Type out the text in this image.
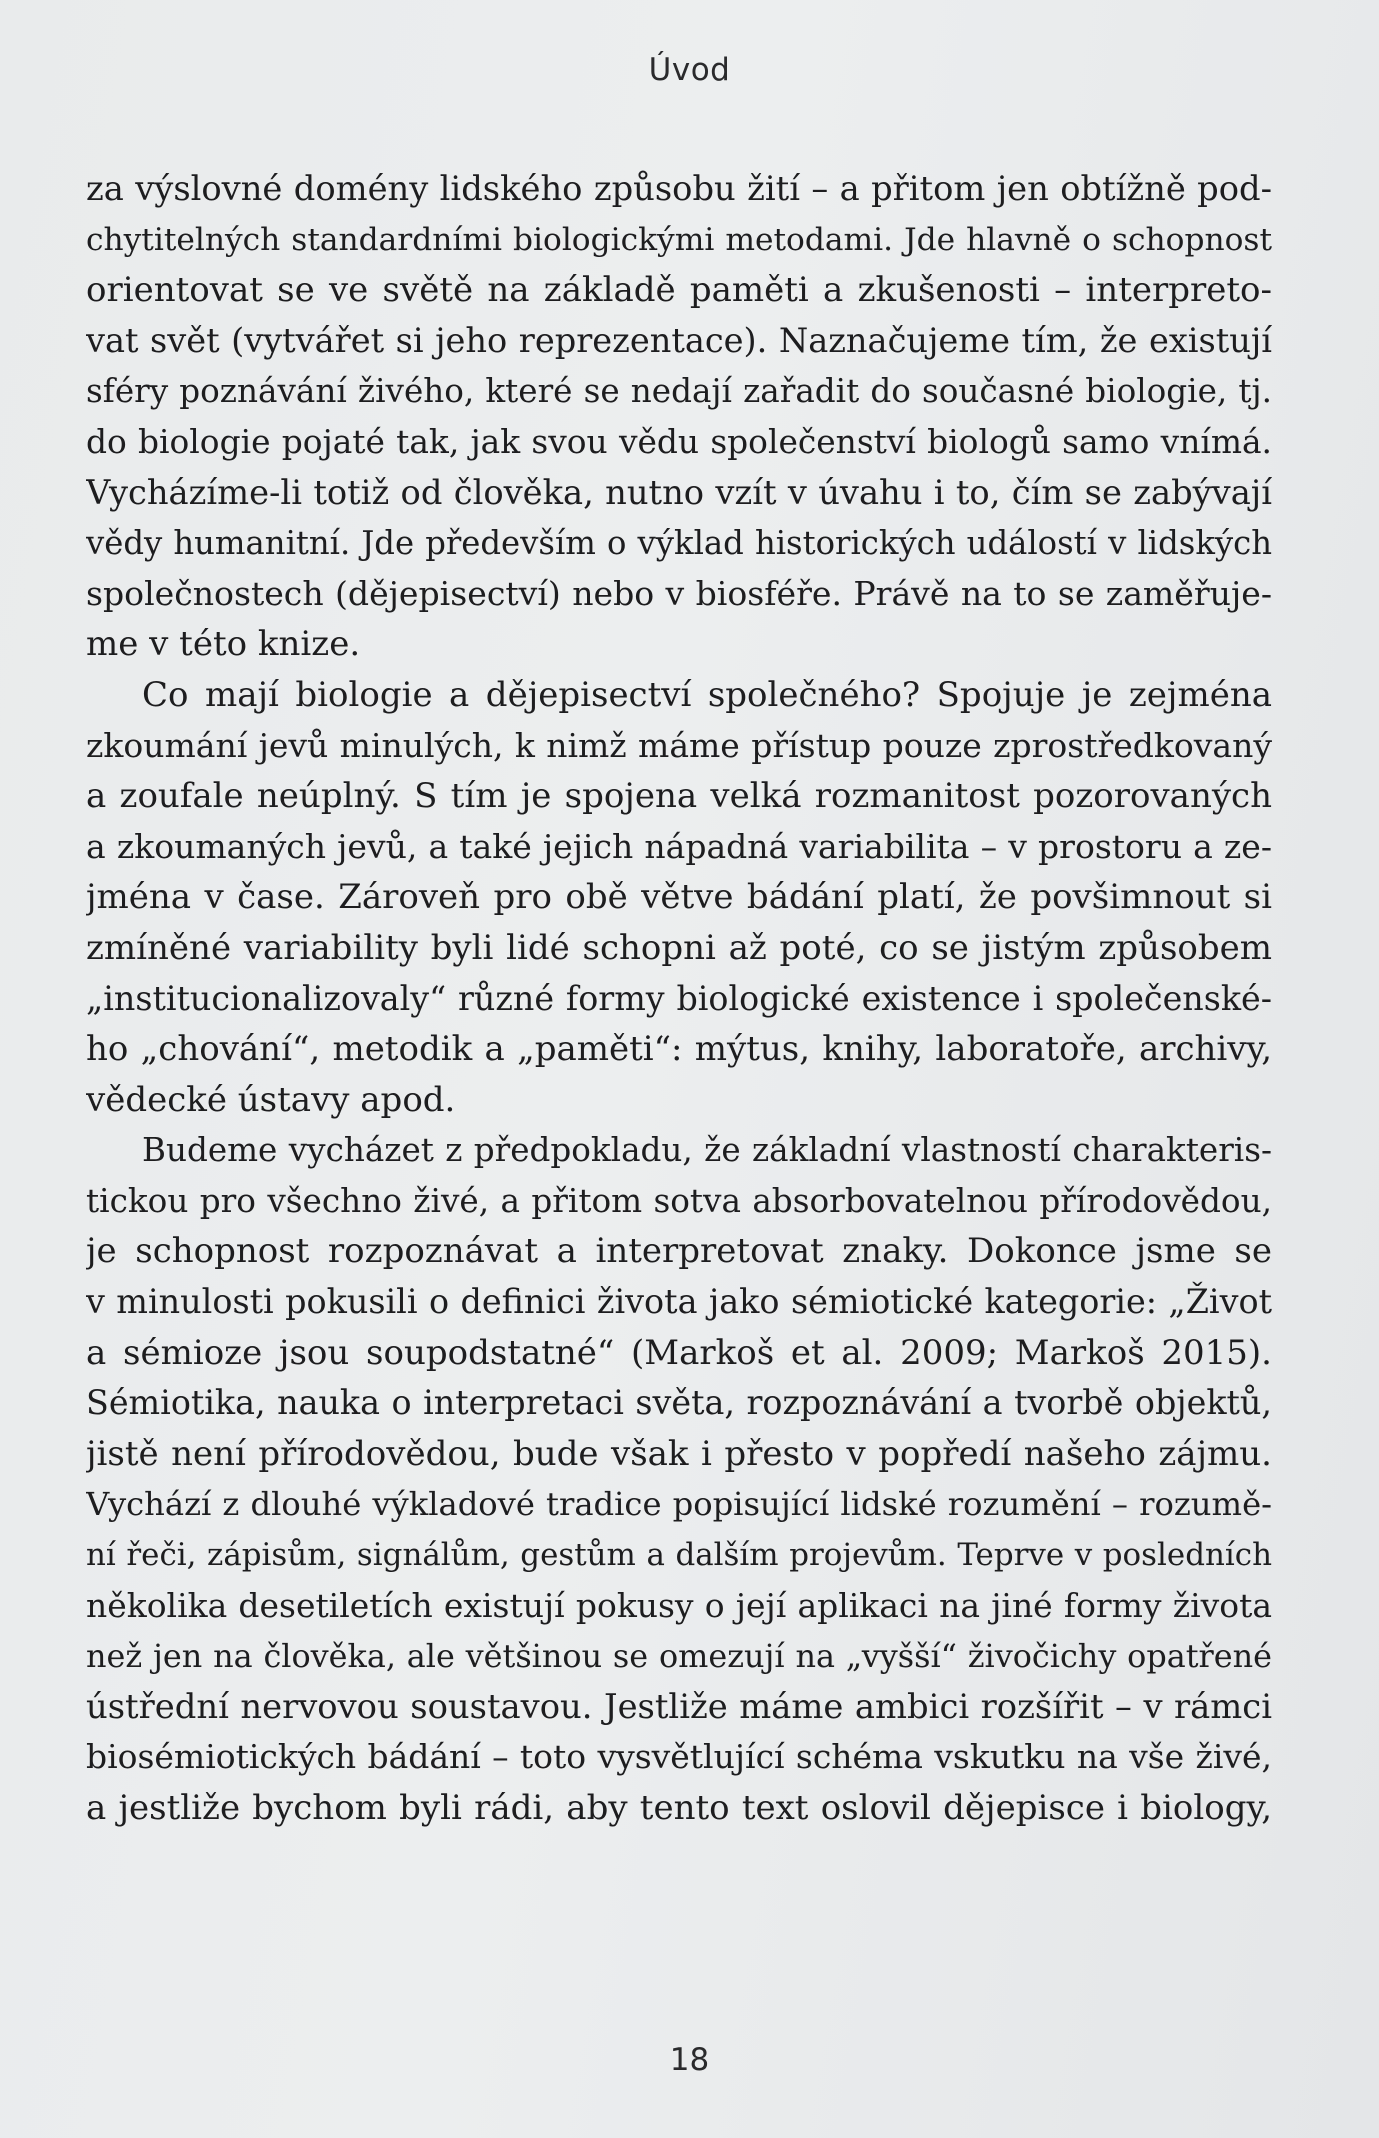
Úvod
za výslovné domény lidského způsobu žití – a přitom jen obtížně pod-
chytitelných standardními biologickými metodami. Jde hlavně o schopnost
orientovat se ve světě na základě paměti a zkušenosti – interpreto-
vat svět (vytvářet si jeho reprezentace). Naznačujeme tím, že existují
sféry poznávání živého, které se nedají zařadit do současné biologie, tj.
do biologie pojaté tak, jak svou vědu společenství biologů samo vnímá.
Vycházíme-li totiž od člověka, nutno vzít v úvahu i to, čím se zabývají
vědy humanitní. Jde především o výklad historických událostí v lidských
společnostech (dějepisectví) nebo v biosféře. Právě na to se zaměřuje-
me v této knize.
Co mají biologie a dějepisectví společného? Spojuje je zejména
zkoumání jevů minulých, k nimž máme přístup pouze zprostředkovaný
a zoufale neúplný. S tím je spojena velká rozmanitost pozorovaných
a zkoumaných jevů, a také jejich nápadná variabilita – v prostoru a ze-
jména v čase. Zároveň pro obě větve bádání platí, že povšimnout si
zmíněné variability byli lidé schopni až poté, co se jistým způsobem
„institucionalizovaly“ různé formy biologické existence i společenské-
ho „chování“, metodik a „paměti“: mýtus, knihy, laboratoře, archivy,
vědecké ústavy apod.
Budeme vycházet z předpokladu, že základní vlastností charakteris-
tickou pro všechno živé, a přitom sotva absorbovatelnou přírodovědou,
je schopnost rozpoznávat a interpretovat znaky. Dokonce jsme se
v minulosti pokusili o definici života jako sémiotické kategorie: „Život
a sémioze jsou soupodstatné“ (Markoš et al. 2009; Markoš 2015).
Sémiotika, nauka o interpretaci světa, rozpoznávání a tvorbě objektů,
jistě není přírodovědou, bude však i přesto v popředí našeho zájmu.
Vychází z dlouhé výkladové tradice popisující lidské rozumění – rozumě-
ní řeči, zápisům, signálům, gestům a dalším projevům. Teprve v posledních
několika desetiletích existují pokusy o její aplikaci na jiné formy života
než jen na člověka, ale většinou se omezují na „vyšší“ živočichy opatřené
ústřední nervovou soustavou. Jestliže máme ambici rozšířit – v rámci
biosémiotických bádání – toto vysvětlující schéma vskutku na vše živé,
a jestliže bychom byli rádi, aby tento text oslovil dějepisce i biology,
18
